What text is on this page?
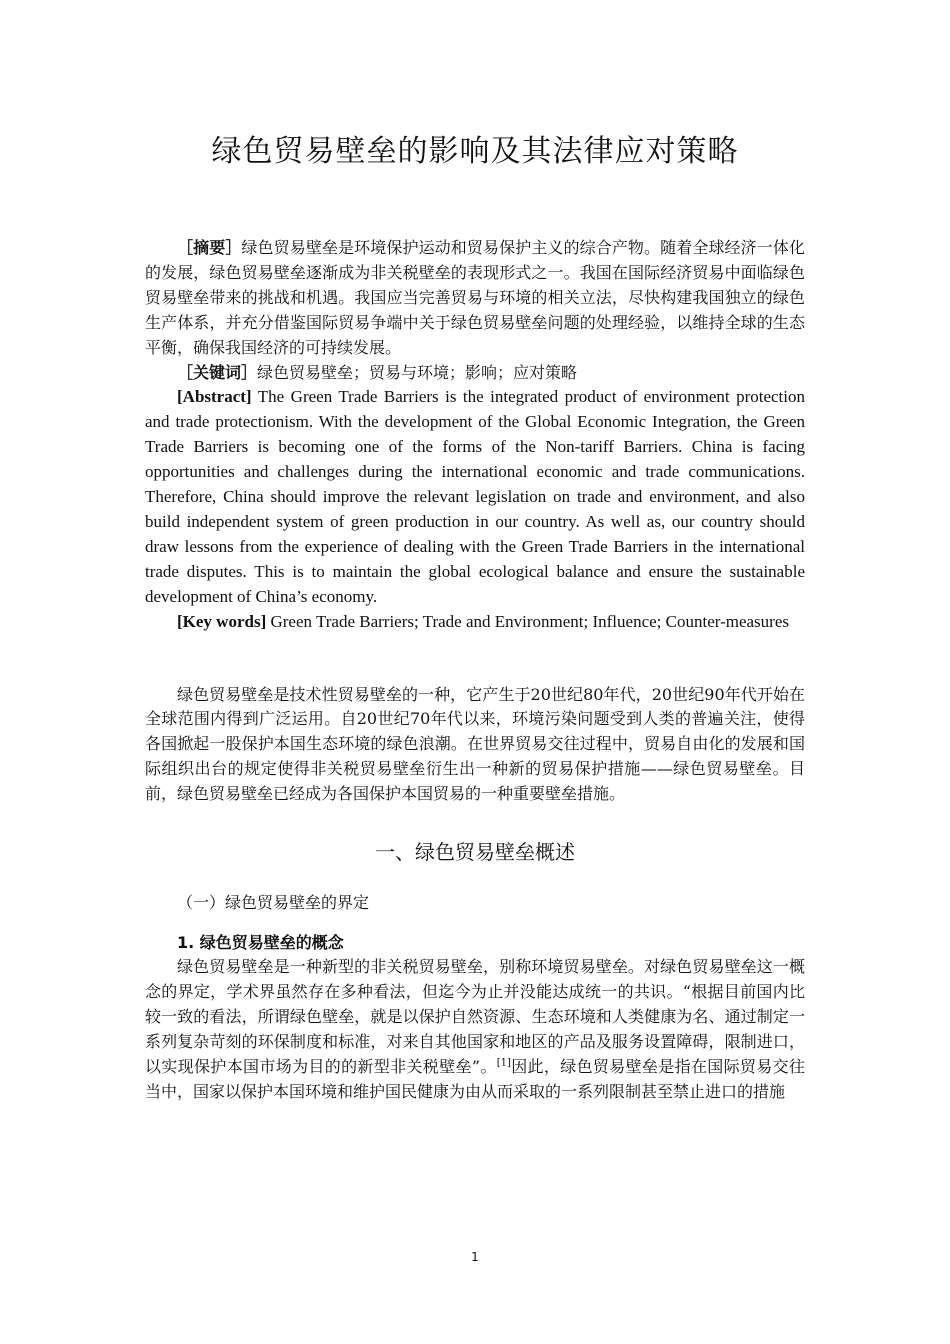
绿色贸易壁垒的影响及其法律应对策略

［摘要］绿色贸易壁垒是环境保护运动和贸易保护主义的综合产物。随着全球经济一体化的发展，绿色贸易壁垒逐渐成为非关税壁垒的表现形式之一。我国在国际经济贸易中面临绿色贸易壁垒带来的挑战和机遇。我国应当完善贸易与环境的相关立法，尽快构建我国独立的绿色生产体系，并充分借鉴国际贸易争端中关于绿色贸易壁垒问题的处理经验，以维持全球的生态平衡，确保我国经济的可持续发展。

［关键词］绿色贸易壁垒；贸易与环境；影响；应对策略

[Abstract] The Green Trade Barriers is the integrated product of environment protection and trade protectionism. With the development of the Global Economic Integration, the Green Trade Barriers is becoming one of the forms of the Non-tariff Barriers. China is facing opportunities and challenges during the international economic and trade communications. Therefore, China should improve the relevant legislation on trade and environment, and also build independent system of green production in our country. As well as, our country should draw lessons from the experience of dealing with the Green Trade Barriers in the international trade disputes. This is to maintain the global ecological balance and ensure the sustainable development of China’s economy.

[Key words] Green Trade Barriers; Trade and Environment; Influence; Counter-measures

绿色贸易壁垒是技术性贸易壁垒的一种，它产生于20世纪80年代，20世纪90年代开始在全球范围内得到广泛运用。自20世纪70年代以来，环境污染问题受到人类的普遍关注，使得各国掀起一股保护本国生态环境的绿色浪潮。在世界贸易交往过程中，贸易自由化的发展和国际组织出台的规定使得非关税贸易壁垒衍生出一种新的贸易保护措施——绿色贸易壁垒。目前，绿色贸易壁垒已经成为各国保护本国贸易的一种重要壁垒措施。

一、绿色贸易壁垒概述
（一）绿色贸易壁垒的界定
1. 绿色贸易壁垒的概念

绿色贸易壁垒是一种新型的非关税贸易壁垒，别称环境贸易壁垒。对绿色贸易壁垒这一概念的界定，学术界虽然存在多种看法，但迄今为止并没能达成统一的共识。“根据目前国内比较一致的看法，所谓绿色壁垒，就是以保护自然资源、生态环境和人类健康为名、通过制定一系列复杂苛刻的环保制度和标准，对来自其他国家和地区的产品及服务设置障碍，限制进口，以实现保护本国市场为目的的新型非关税壁垒”。[1]因此，绿色贸易壁垒是指在国际贸易交往当中，国家以保护本国环境和维护国民健康为由从而采取的一系列限制甚至禁止进口的措施

1
